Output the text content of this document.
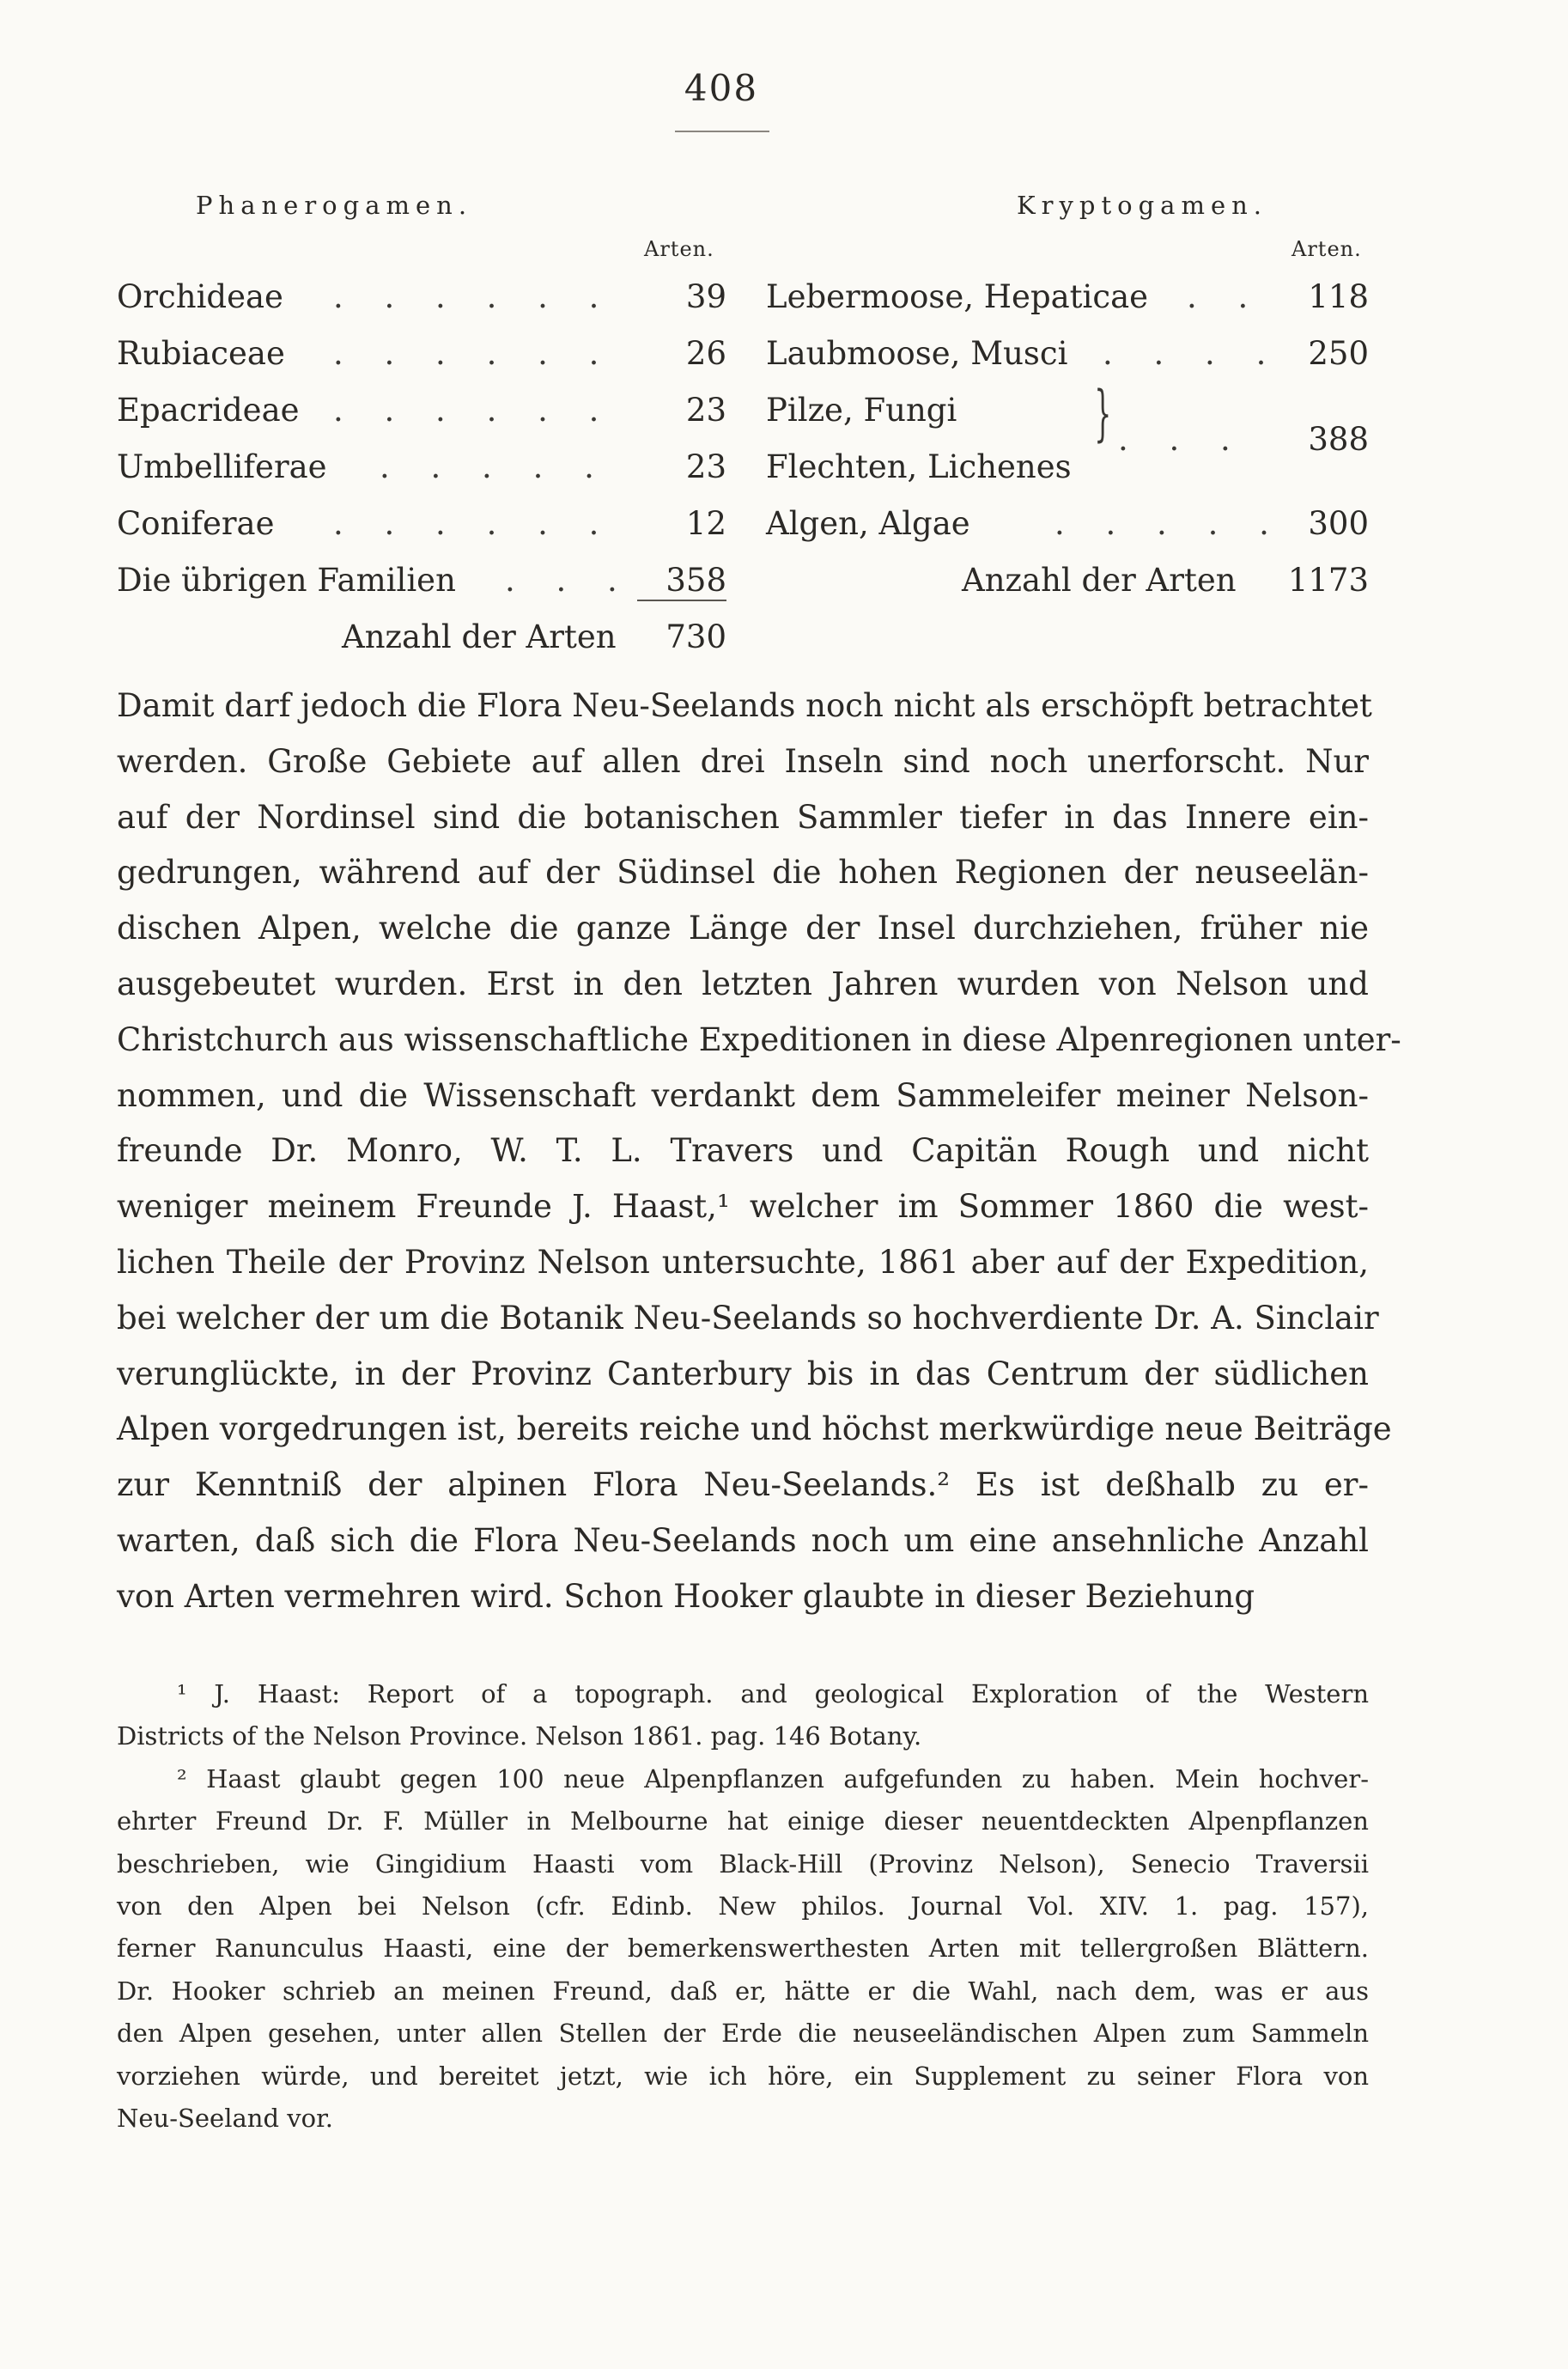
408
Phanerogamen.
Arten.
Orchideae . . . . . .	39
Rubiaceae . . . . . .	26
Epacrideae . . . . . .	23
Umbelliferae . . . . .	23
Coniferae . . . . . .	12
Die übrigen Familien . . .	358
Anzahl der Arten	730
Kryptogamen.
Arten.
Lebermoose, Hepaticae . .	118
Laubmoose, Musci . . . . 250
Pilze, Fungi
Flechten, Lichenes
} . . .	388
Algen, Algae	. . . . . 300
Anzahl der Arten	1173
Damit darf jedoch die Flora Neu-Seelands noch nicht als erschöpft betrachtet
werden. Große Gebiete auf allen drei Inseln sind noch unerforscht. Nur
auf der Nordinsel sind die botanischen Sammler tiefer in das Innere ein-
gedrungen, während auf der Südinsel die hohen Regionen der neuseelän-
dischen Alpen, welche die ganze Länge der Insel durchziehen, früher nie
ausgebeutet wurden. Erst in den letzten Jahren wurden von Nelson und
Christchurch aus wissenschaftliche Expeditionen in diese Alpenregionen unter-
nommen, und die Wissenschaft verdankt dem Sammeleifer meiner Nelson-
freunde Dr. Monro, W. T. L. Travers und Capitän Rough und nicht
weniger meinem Freunde J. Haast,¹ welcher im Sommer 1860 die west-
lichen Theile der Provinz Nelson untersuchte, 1861 aber auf der Expedition,
bei welcher der um die Botanik Neu-Seelands so hochverdiente Dr. A. Sinclair
verunglückte, in der Provinz Canterbury bis in das Centrum der südlichen
Alpen vorgedrungen ist, bereits reiche und höchst merkwürdige neue Beiträge
zur Kenntniß der alpinen Flora Neu-Seelands.² Es ist deßhalb zu er-
warten, daß sich die Flora Neu-Seelands noch um eine ansehnliche Anzahl
von Arten vermehren wird. Schon Hooker glaubte in dieser Beziehung
¹ J. Haast: Report of a topograph. and geological Exploration of the Western
Districts of the Nelson Province. Nelson 1861. pag. 146 Botany.
² Haast glaubt gegen 100 neue Alpenpflanzen aufgefunden zu haben. Mein hochver-
ehrter Freund Dr. F. Müller in Melbourne hat einige dieser neuentdeckten Alpenpflanzen
beschrieben, wie Gingidium Haasti vom Black-Hill (Provinz Nelson), Senecio Traversii
von den Alpen bei Nelson (cfr. Edinb. New philos. Journal Vol. XIV. 1. pag. 157),
ferner Ranunculus Haasti, eine der bemerkenswerthesten Arten mit tellergroßen Blättern.
Dr. Hooker schrieb an meinen Freund, daß er, hätte er die Wahl, nach dem, was er aus
den Alpen gesehen, unter allen Stellen der Erde die neuseeländischen Alpen zum Sammeln
vorziehen würde, und bereitet jetzt, wie ich höre, ein Supplement zu seiner Flora von
Neu-Seeland vor.
